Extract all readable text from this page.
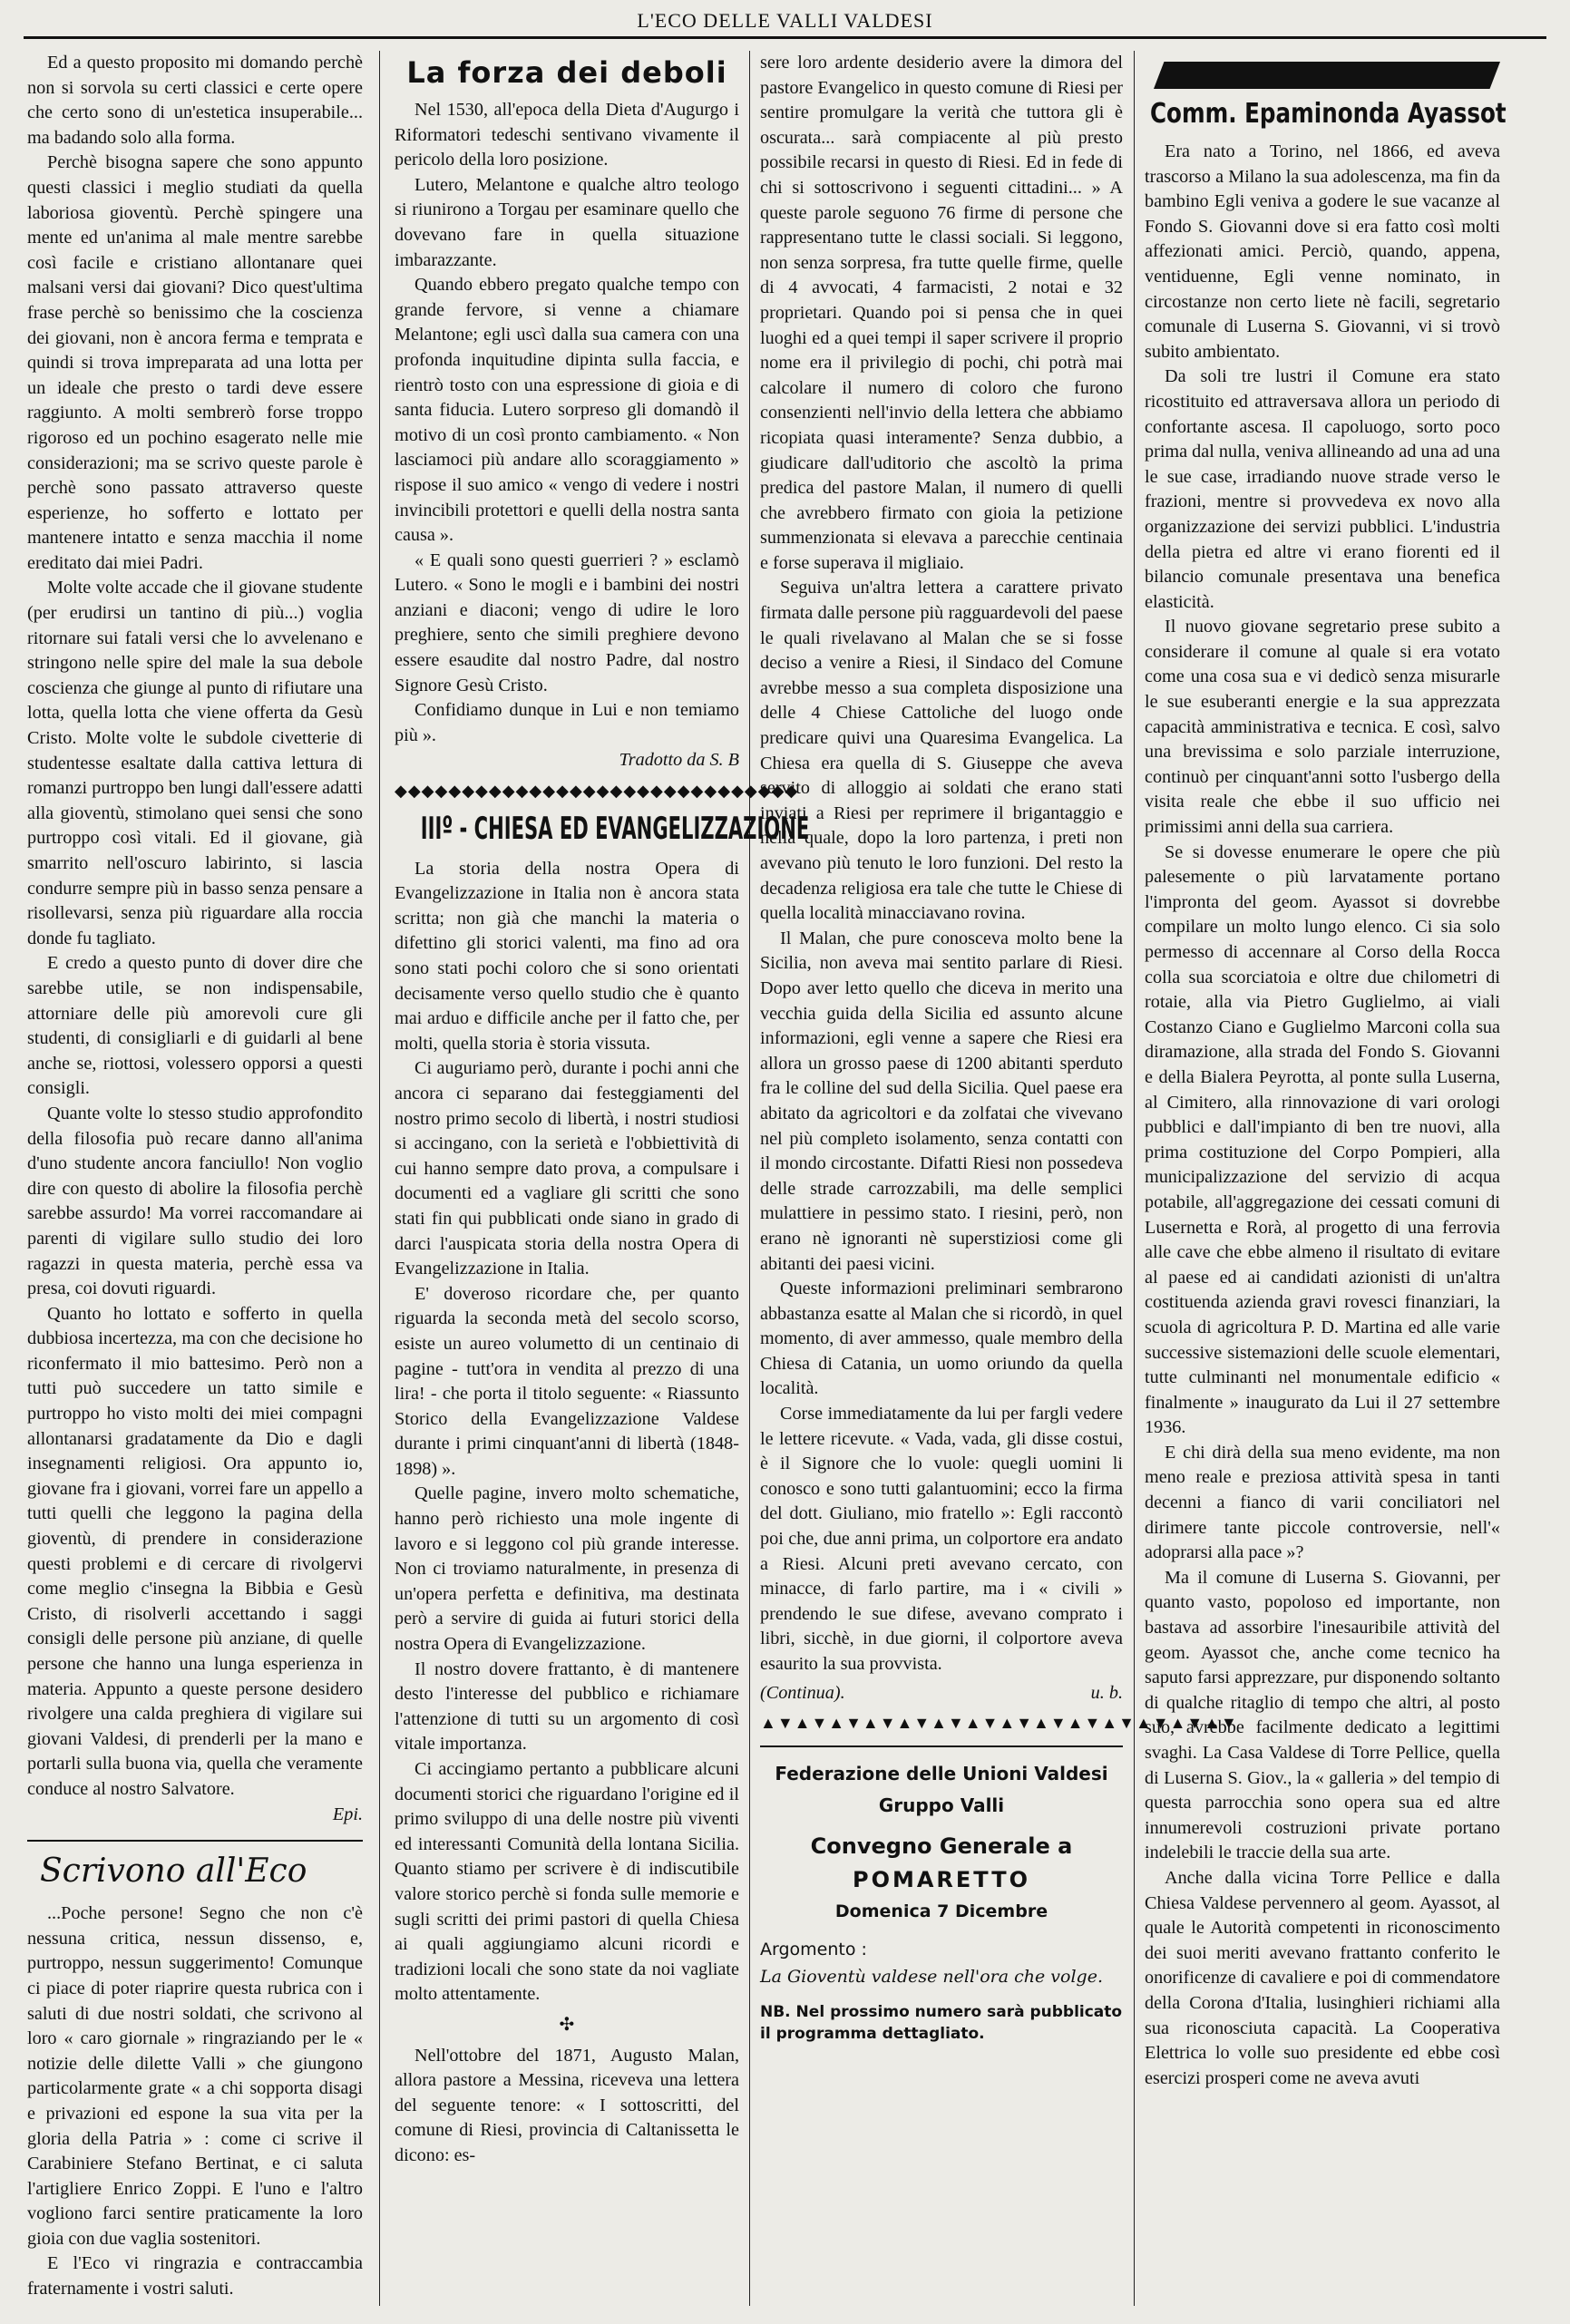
L'ECO DELLE VALLI VALDESI

Ed a questo proposito mi domando perchè non si sorvola su certi classici e certe opere che certo sono di un'estetica insuperabile... ma badando solo alla forma.

Perchè bisogna sapere che sono appunto questi classici i meglio studiati da quella laboriosa gioventù. Perchè spingere una mente ed un'anima al male mentre sarebbe così facile e cristiano allontanare quei malsani versi dai giovani? Dico quest'ultima frase perchè so benissimo che la coscienza dei giovani, non è ancora ferma e temprata e quindi si trova impreparata ad una lotta per un ideale che presto o tardi deve essere raggiunto. A molti sembrerò forse troppo rigoroso ed un pochino esagerato nelle mie considerazioni; ma se scrivo queste parole è perchè sono passato attraverso queste esperienze, ho sofferto e lottato per mantenere intatto e senza macchia il nome ereditato dai miei Padri.

Molte volte accade che il giovane studente (per erudirsi un tantino di più...) voglia ritornare sui fatali versi che lo avvelenano e stringono nelle spire del male la sua debole coscienza che giunge al punto di rifiutare una lotta, quella lotta che viene offerta da Gesù Cristo. Molte volte le subdole civetterie di studentesse esaltate dalla cattiva lettura di romanzi purtroppo ben lungi dall'essere adatti alla gioventù, stimolano quei sensi che sono purtroppo così vitali. Ed il giovane, già smarrito nell'oscuro labirinto, si lascia condurre sempre più in basso senza pensare a risollevarsi, senza più riguardare alla roccia donde fu tagliato.

E credo a questo punto di dover dire che sarebbe utile, se non indispensabile, attorniare delle più amorevoli cure gli studenti, di consigliarli e di guidarli al bene anche se, riottosi, volessero opporsi a questi consigli.

Quante volte lo stesso studio approfondito della filosofia può recare danno all'anima d'uno studente ancora fanciullo! Non voglio dire con questo di abolire la filosofia perchè sarebbe assurdo! Ma vorrei raccomandare ai parenti di vigilare sullo studio dei loro ragazzi in questa materia, perchè essa va presa, coi dovuti riguardi.

Quanto ho lottato e sofferto in quella dubbiosa incertezza, ma con che decisione ho riconfermato il mio battesimo. Però non a tutti può succedere un tatto simile e purtroppo ho visto molti dei miei compagni allontanarsi gradatamente da Dio e dagli insegnamenti religiosi. Ora appunto io, giovane fra i giovani, vorrei fare un appello a tutti quelli che leggono la pagina della gioventù, di prendere in considerazione questi problemi e di cercare di rivolgervi come meglio c'insegna la Bibbia e Gesù Cristo, di risolverli accettando i saggi consigli delle persone più anziane, di quelle persone che hanno una lunga esperienza in materia. Appunto a queste persone desidero rivolgere una calda preghiera di vigilare sui giovani Valdesi, di prenderli per la mano e portarli sulla buona via, quella che veramente conduce al nostro Salvatore.

Epi.

Scrivono all'Eco

...Poche persone! Segno che non c'è nessuna critica, nessun dissenso, e, purtroppo, nessun suggerimento! Comunque ci piace di poter riaprire questa rubrica con i saluti di due nostri soldati, che scrivono al loro « caro giornale » ringraziando per le « notizie delle dilette Valli » che giungono particolarmente grate « a chi sopporta disagi e privazioni ed esponе la sua vita per la gloria della Patria » : come ci scrive il Carabiniere Stefano Bertinat, e ci saluta l'artigliere Enrico Zoppi. E l'uno e l'altro vogliono farci sentire praticamente la loro gioia con due vaglia sostenitori.

E l'Eco vi ringrazia e contraccambia fraternamente i vostri saluti.

La forza dei deboli

Nel 1530, all'epoca della Dieta d'Augurgo i Riformatori tedeschi sentivano vivamente il pericolo della loro posizione.

Lutero, Melantone e qualche altro teologo si riunirono a Torgau per esaminare quello che dovevano fare in quella situazione imbarazzante.

Quando ebbero pregato qualche tempo con grande fervore, si venne a chiamare Melantone; egli uscì dalla sua camera con una profonda inquitudine dipinta sulla faccia, e rientrò tosto con una espressione di gioia e di santa fiducia. Lutero sorpreso gli domandò il motivo di un così pronto cambiamento. « Non lasciamoci più andare allo scoraggiamento » rispose il suo amico « vengo di vedere i nostri invincibili protettori e quelli della nostra santa causa ».

« E quali sono questi guerrieri ? » esclamò Lutero. « Sono le mogli e i bambini dei nostri anziani e diaconi; vengo di udire le loro preghiere, sento che simili preghiere devono essere esaudite dal nostro Padre, dal nostro Signore Gesù Cristo.

Confidiamo dunque in Lui e non temiamo più ».

Tradotto da S. B

◆◆◆◆◆◆◆◆◆◆◆◆◆◆◆◆◆◆◆◆◆◆◆◆◆◆◆◆◆◆
IIIº - CHIESA ED EVANGELIZZAZIONE

La storia della nostra Opera di Evangelizzazione in Italia non è ancora stata scritta; non già che manchi la materia o difettino gli storici valenti, ma fino ad ora sono stati pochi coloro che si sono orientati decisamente verso quello studio che è quanto mai arduo e difficile anche per il fatto che, per molti, quella storia è storia vissuta.

Ci auguriamo però, durante i pochi anni che ancora ci separano dai festeggiamenti del nostro primo secolo di libertà, i nostri studiosi si accingano, con la serietà e l'obbiettività di cui hanno sempre dato prova, a compulsare i documenti ed a vagliare gli scritti che sono stati fin qui pubblicati onde siano in grado di darci l'auspicata storia della nostra Opera di Evangelizzazione in Italia.

E' doveroso ricordare che, per quanto riguarda la seconda metà del secolo scorso, esiste un aureo volumetto di un centinaio di pagine - tutt'ora in vendita al prezzo di una lira! - che porta il titolo seguente: « Riassunto Storico della Evangelizzazione Valdese durante i primi cinquant'anni di libertà (1848-1898) ».

Quelle pagine, invero molto schematiche, hanno però richiesto una mole ingente di lavoro e si leggono col più grande interesse. Non ci troviamo naturalmente, in presenza di un'opera perfetta e definitiva, ma destinata però a servire di guida ai futuri storici della nostra Opera di Evangelizzazione.

Il nostro dovere frattanto, è di mantenere desto l'interesse del pubblico e richiamare l'attenzione di tutti su un argomento di così vitale importanza.

Ci accingiamo pertanto a pubblicare alcuni documenti storici che riguardano l'origine ed il primo sviluppo di una delle nostre più viventi ed interessanti Comunità della lontana Sicilia. Quanto stiamo per scrivere è di indiscutibile valore storico perchè si fonda sulle memorie e sugli scritti dei primi pastori di quella Chiesa ai quali aggiungiamo alcuni ricordi e tradizioni locali che sono state da noi vagliate molto attentamente.

✣

Nell'ottobre del 1871, Augusto Malan, allora pastore a Messina, riceveva una lettera del seguente tenore: « I sottoscritti, del comune di Riesi, provincia di Caltanissetta le dicono: es-

sere loro ardente desiderio avere la dimora del pastore Evangelico in questo comune di Riesi per sentire promulgare la verità che tuttora gli è oscurata... sarà compiacente al più presto possibile recarsi in questo di Riesi. Ed in fede di chi si sottoscrivono i seguenti cittadini... » A queste parole seguono 76 firme di persone che rappresentano tutte le classi sociali. Si leggono, non senza sorpresa, fra tutte quelle firme, quelle di 4 avvocati, 4 farmacisti, 2 notai e 32 proprietari. Quando poi si pensa che in quei luoghi ed a quei tempi il saper scrivere il proprio nome era il privilegio di pochi, chi potrà mai calcolare il numero di coloro che furono consenzienti nell'invio della lettera che abbiamo ricopiata quasi interamente? Senza dubbio, a giudicare dall'uditorio che ascoltò la prima predica del pastore Malan, il numero di quelli che avrebbero firmato con gioia la petizione summenzionata si elevava a parecchie centinaia e forse superava il migliaio.

Seguiva un'altra lettera a carattere privato firmata dalle persone più ragguardevoli del paese le quali rivelavano al Malan che se si fosse deciso a venire a Riesi, il Sindaco del Comune avrebbe messo a sua completa disposizione una delle 4 Chiese Cattoliche del luogo onde predicare quivi una Quaresima Evangelica. La Chiesa era quella di S. Giuseppe che aveva servito di alloggio ai soldati che erano stati inviati a Riesi per reprimere il brigantaggio e nella quale, dopo la loro partenza, i preti non avevano più tenuto le loro funzioni. Del resto la decadenza religiosa era tale che tutte le Chiese di quella località minacciavano rovina.

Il Malan, che pure conosceva molto bene la Sicilia, non aveva mai sentito parlare di Riesi. Dopo aver letto quello che diceva in merito una vecchia guida della Sicilia ed assunto alcune informazioni, egli venne a sapere che Riesi era allora un grosso paese di 1200 abitanti sperduto fra le colline del sud della Sicilia. Quel paese era abitato da agricoltori e da zolfatai che vivevano nel più completo isolamento, senza contatti con il mondo circostante. Difatti Riesi non possedeva delle strade carrozzabili, ma delle semplici mulattiere in pessimo stato. I riesini, però, non erano nè ignoranti nè superstiziosi come gli abitanti dei paesi vicini.

Queste informazioni preliminari sembrarono abbastanza esatte al Malan che si ricordò, in quel momento, di aver ammesso, quale membro della Chiesa di Catania, un uomo oriundo da quella località.

Corse immediatamente da lui per fargli vedere le lettere ricevute. « Vada, vada, gli disse costui, è il Signore che lo vuole: quegli uomini li conosco e sono tutti galantuomini; ecco la firma del dott. Giuliano, mio fratello »: Egli raccontò poi che, due anni prima, un colportore era andato a Riesi. Alcuni preti avevano cercato, con minacce, di farlo partire, ma i « civili » prendendo le sue difese, avevano comprato i libri, sicchè, in due giorni, il colportore aveva esaurito la sua provvista.

(Continua).	u. b.
▲▼▲▼▲▼▲▼▲▼▲▼▲▼▲▼▲▼▲▼▲▼▲▼▲▼▲▼
Federazione delle Unioni Valdesi
Gruppo Valli
Convegno Generale a
POMARETTO
Domenica 7 Dicembre
Argomento :
La Gioventù valdese nell'ora che volge.
NB. Nel prossimo numero sarà pubblicato il programma dettagliato.
Comm. Epaminonda Ayassot

Era nato a Torino, nel 1866, ed aveva trascorso a Milano la sua adolescenza, ma fin da bambino Egli veniva a godere le sue vacanze al Fondo S. Giovanni dove si era fatto così molti affezionati amici. Perciò, quando, appena, ventiduenne, Egli venne nominato, in circostanze non certo liete nè facili, segretario comunale di Luserna S. Giovanni, vi si trovò subito ambientato.

Da soli tre lustri il Comune era stato ricostituito ed attraversava allora un periodo di confortante ascesa. Il capoluogo, sorto poco prima dal nulla, veniva allineando ad una ad una le sue case, irradiando nuove strade verso le frazioni, mentre si provvedeva ex novo alla organizzazione dei servizi pubblici. L'industria della pietra ed altre vi erano fiorenti ed il bilancio comunale presentava una benefica elasticità.

Il nuovo giovane segretario prese subito a considerare il comune al quale si era votato come una cosa sua e vi dedicò senza misurarle le sue esuberanti energie e la sua apprezzata capacità amministrativa e tecnica. E così, salvo una brevissima e solo parziale interruzione, continuò per cinquant'anni sotto l'usbergo della visita reale che ebbe il suo ufficio nei primissimi anni della sua carriera.

Se si dovesse enumerare le opere che più palesemente o più larvatamente portano l'impronta del geom. Ayassot si dovrebbe compilare un molto lungo elenco. Ci sia solo permesso di accennare al Corso della Rocca colla sua scorciatoia e oltre due chilometri di rotaie, alla via Pietro Guglielmo, ai viali Costanzo Ciano e Guglielmo Marconi colla sua diramazione, alla strada del Fondo S. Giovanni e della Bialera Peyrotta, al ponte sulla Luserna, al Cimitero, alla rinnovazione di vari orologi pubblici e dall'impianto di ben tre nuovi, alla prima costituzione del Corpo Pompieri, alla municipalizzazione del servizio di acqua potabile, all'aggregazione dei cessati comuni di Lusernetta e Rorà, al progetto di una ferrovia alle cave che ebbe almeno il risultato di evitare al paese ed ai candidati azionisti di un'altra costituenda azienda gravi rovesci finanziari, la scuola di agricoltura P. D. Martina ed alle varie successive sistemazioni delle scuole elementari, tutte culminanti nel monumentale edificio « finalmente » inaugurato da Lui il 27 settembre 1936.

E chi dirà della sua meno evidente, ma non meno reale e preziosa attività spesa in tanti decenni a fianco di varii conciliatori nel dirimere tante piccole controversie, nell'« adoprarsi alla pace »?

Ma il comune di Luserna S. Giovanni, per quanto vasto, popoloso ed importante, non bastava ad assorbire l'inesauribile attività del geom. Ayassot che, anche come tecnico ha saputo farsi apprezzare, pur disponendo soltanto di qualche ritaglio di tempo che altri, al posto suo, avrebbe facilmente dedicato a legittimi svaghi. La Casa Valdese di Torre Pellice, quella di Luserna S. Giov., la « galleria » del tempio di questa parrocchia sono opera sua ed altre innumerevoli costruzioni private portano indelebili le traccie della sua arte.

Anche dalla vicina Torre Pellice e dalla Chiesa Valdese pervennero al geom. Ayassot, al quale le Autorità competenti in riconoscimento dei suoi meriti avevano frattanto conferito le onorificenze di cavaliere e poi di commendatore della Corona d'Italia, lusinghieri richiami alla sua riconosciuta capacità. La Cooperativa Elettrica lo volle suo presidente ed ebbe così esercizi prosperi come ne aveva avuti
